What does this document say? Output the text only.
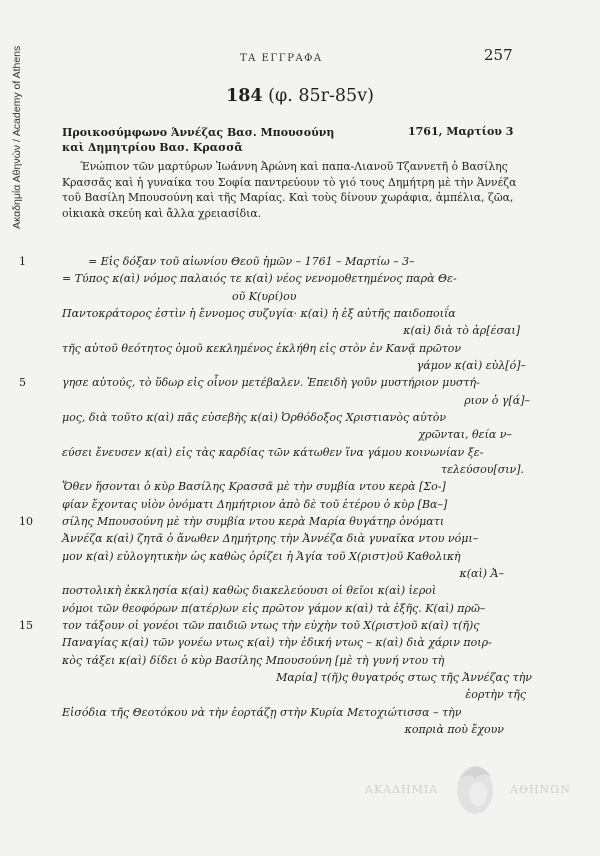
Ακαδημία Αθηνών / Academy of Athens	ΤΑ ΕΓΓΡΑΦΑ	257
184 (φ. 85r-85v)
Προικοσύμφωνο Άννέζας Βασ. Μπουσούνη
καὶ Δημητρίου Βασ. Κρασσᾶ
1761, Μαρτίου 3
Ένώπιον τῶν μαρτύρων Ἰωάννη Ἀρώνη καὶ παπα-Λιανοῦ Τζαννετῆ ὁ Βασίλης Κρασσᾶς καὶ ἡ γυναίκα του Σοφία παντρεύουν τὸ γιό τους Δημήτρη μὲ τὴν Ἀννέζα τοῦ Βασίλη Μπουσούνη καὶ τῆς Μαρίας. Καὶ τοὺς δίνουν χωράφια, ἀμπέλια, ζῶα, οἰκιακὰ σκεύη καὶ ἄλλα χρειασίδια.
1	= Εἰς δόξαν τοῦ αἰωνίου Θεοῦ ἡμῶν – 1761 – Μαρτίω – 3–
= Τύπος κ(αὶ) νόμος παλαιός τε κ(αὶ) νέος νενομοθετημένος παρὰ Θε-
οῦ Κ(υρί)ου
Παντοκράτορος ἐστὶν ἡ ἔννομος συζυγία· κ(αὶ) ἡ ἐξ αὐτῆς παιδοποιΐα
κ(αὶ) διὰ τὸ ἀρ[έσαι]
τῆς αὐτοῦ θεότητος ὁμοῦ κεκλημένος ἐκλήθη εἰς στὸν ἐν Κανᾷ πρῶτον
γάμον κ(αὶ) εὐλ[ό]–
5	γησε αὐτούς, τὸ ὕδωρ εἰς οἶνον μετέβαλεν. Ἐπειδὴ γοῦν μυστήριον μυστή-
ριον ὁ γ[ά]–
μος, διὰ τοῦτο κ(αὶ) πᾶς εὐσεβὴς κ(αὶ) Ὀρθόδοξος Χριστιανὸς αὐτὸν
χρῶνται, θεία ν–
εύσει ἔνευσεν κ(αὶ) εἰς τὰς καρδίας τῶν κάτωθεν ἵνα γάμου κοινωνίαν ξε-
τελεύσου[σιν].
Ὅθεν ἥσονται ὁ κὺρ Βασίλης Κρασσᾶ μὲ τὴν συμβία ντου κερὰ [Σο-]
φίαν ἔχοντας υἱὸν ὀνόματι Δημήτριον ἀπὸ δὲ τοῦ ἑτέρου ὁ κὺρ [Βα–]
10	σίλης Μπουσούνη μὲ τὴν συμβία ντου κερὰ Μαρία θυγάτηρ ὀνόματι
Ἀννέζα κ(αὶ) ζητᾶ ὁ ἄνωθεν Δημήτρης τὴν Ἀννέζα διὰ γυναῖκα ντου νόμι–
μον κ(αὶ) εὐλογητικὴν ὡς καθὼς ὁρίζει ἡ Ἁγία τοῦ Χ(ριστ)οῦ Καθολικὴ
κ(αὶ) Ἀ–
ποστολικὴ ἐκκλησία κ(αὶ) καθὼς διακελεύουσι οἱ θεῖοι κ(αὶ) ἱεροὶ
νόμοι τῶν θεοφόρων π(ατέρ)ων εἰς πρῶτον γάμον κ(αὶ) τὰ ἑξῆς. Κ(αὶ) πρῶ–
15	τον τάξουν οἱ γονέοι τῶν παιδιῶ ντως τὴν εὐχὴν τοῦ Χ(ριστ)οῦ κ(αὶ) τ(ῆ)ς
Παναγίας κ(αὶ) τῶν γονέω ντως κ(αὶ) τὴν ἐδική ντως – κ(αὶ) διὰ χάριν ποιρ-
κὸς τάξει κ(αὶ) δίδει ὁ κὺρ Βασίλης Μπουσούνη [μὲ τὴ γυνή ντου τὴ
Μαρία] τ(ῆ)ς θυγατρός στως τῆς Ἀννέζας τὴν
ἑορτὴν τῆς
Εἰσόδια τῆς Θεοτόκου νὰ τὴν ἑορτάζῃ στὴν Κυρία Μετοχιώτισσα – τὴν
κοπριὰ ποὺ ἔχουν
ΑΚΑΔΗΜΙΑ	ΑΘΗΝΩΝ
